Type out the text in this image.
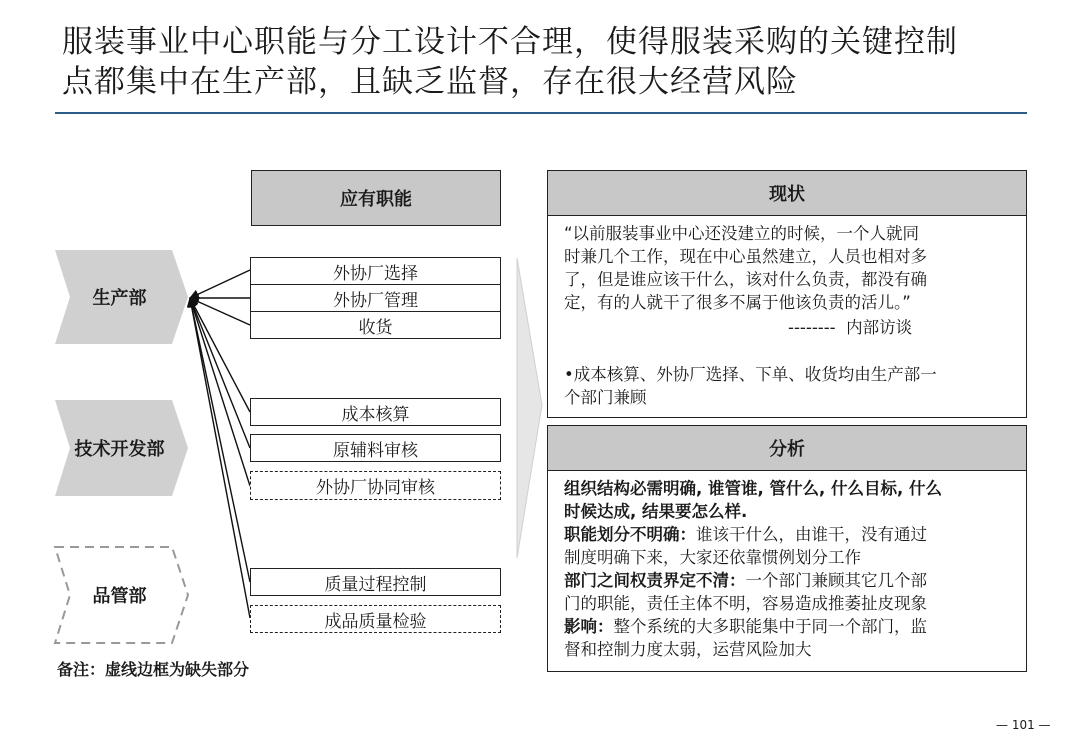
服装事业中心职能与分工设计不合理，使得服装采购的关键控制
点都集中在生产部，且缺乏监督，存在很大经营风险
生产部
技术开发部
品管部
应有职能
外协厂选择
外协厂管理
收货
成本核算
原辅料审核
外协厂协同审核
质量过程控制
成品质量检验
现状
“以前服装事业中心还没建立的时候，一个人就同
时兼几个工作，现在中心虽然建立，人员也相对多
了，但是谁应该干什么，该对什么负责，都没有确
定，有的人就干了很多不属于他该负责的活儿。”
--------  内部访谈
•成本核算、外协厂选择、下单、收货均由生产部一
个部门兼顾
分析
组织结构必需明确, 谁管谁, 管什么, 什么目标, 什么
时候达成, 结果要怎么样.
职能划分不明确：谁该干什么，由谁干，没有通过
制度明确下来，大家还依靠惯例划分工作
部门之间权责界定不清：一个部门兼顾其它几个部
门的职能，责任主体不明，容易造成推萎扯皮现象
影响：整个系统的大多职能集中于同一个部门，监
督和控制力度太弱，运营风险加大
备注：虚线边框为缺失部分
— 101 —
